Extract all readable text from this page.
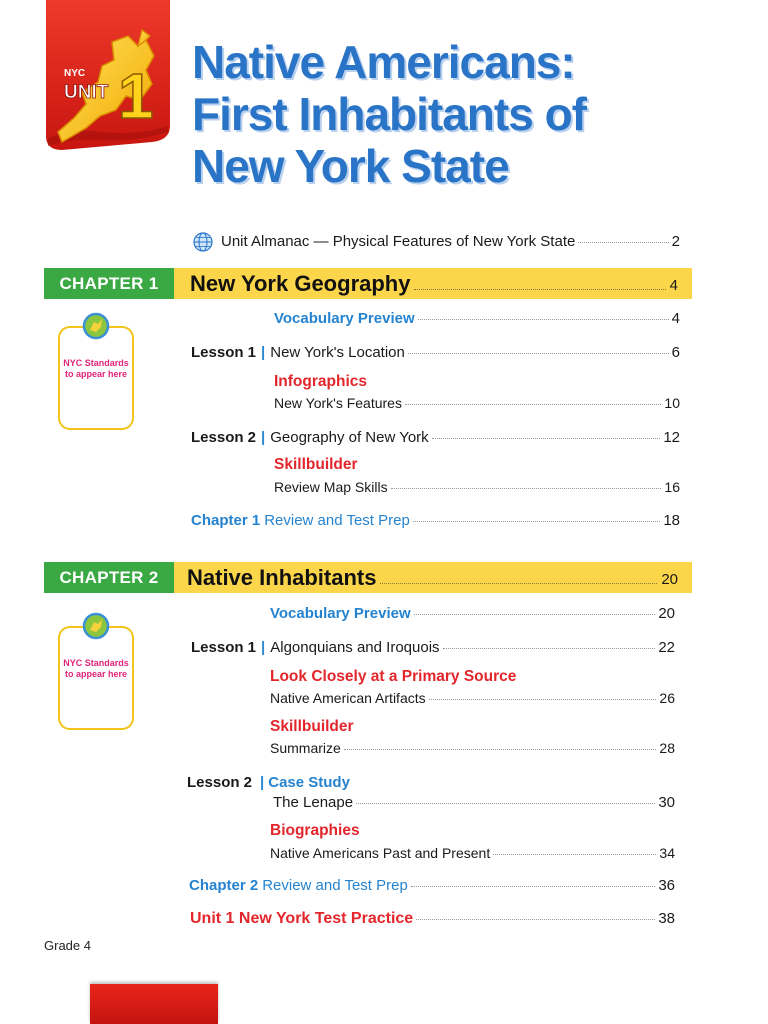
NYC
UNIT 1 Native Americans:
First Inhabitants of
New York State
Unit Almanac — Physical Features of New York State	2
CHAPTER 1	New York Geography	4
NYC Standards to appear here
Vocabulary Preview	4
Lesson 1 | New York's Location	6
Infographics
New York's Features	10
Lesson 2 | Geography of New York	12
Skillbuilder
Review Map Skills	16
Chapter 1 Review and Test Prep	18
CHAPTER 2	Native Inhabitants	20
NYC Standards to appear here
Vocabulary Preview	20
Lesson 1 | Algonquians and Iroquois	22
Look Closely at a Primary Source
Native American Artifacts	26
Skillbuilder
Summarize	28
Lesson 2 | Case Study
The Lenape	30
Biographies
Native Americans Past and Present	34
Chapter 2 Review and Test Prep	36
Unit 1 New York Test Practice	38
Grade 4
